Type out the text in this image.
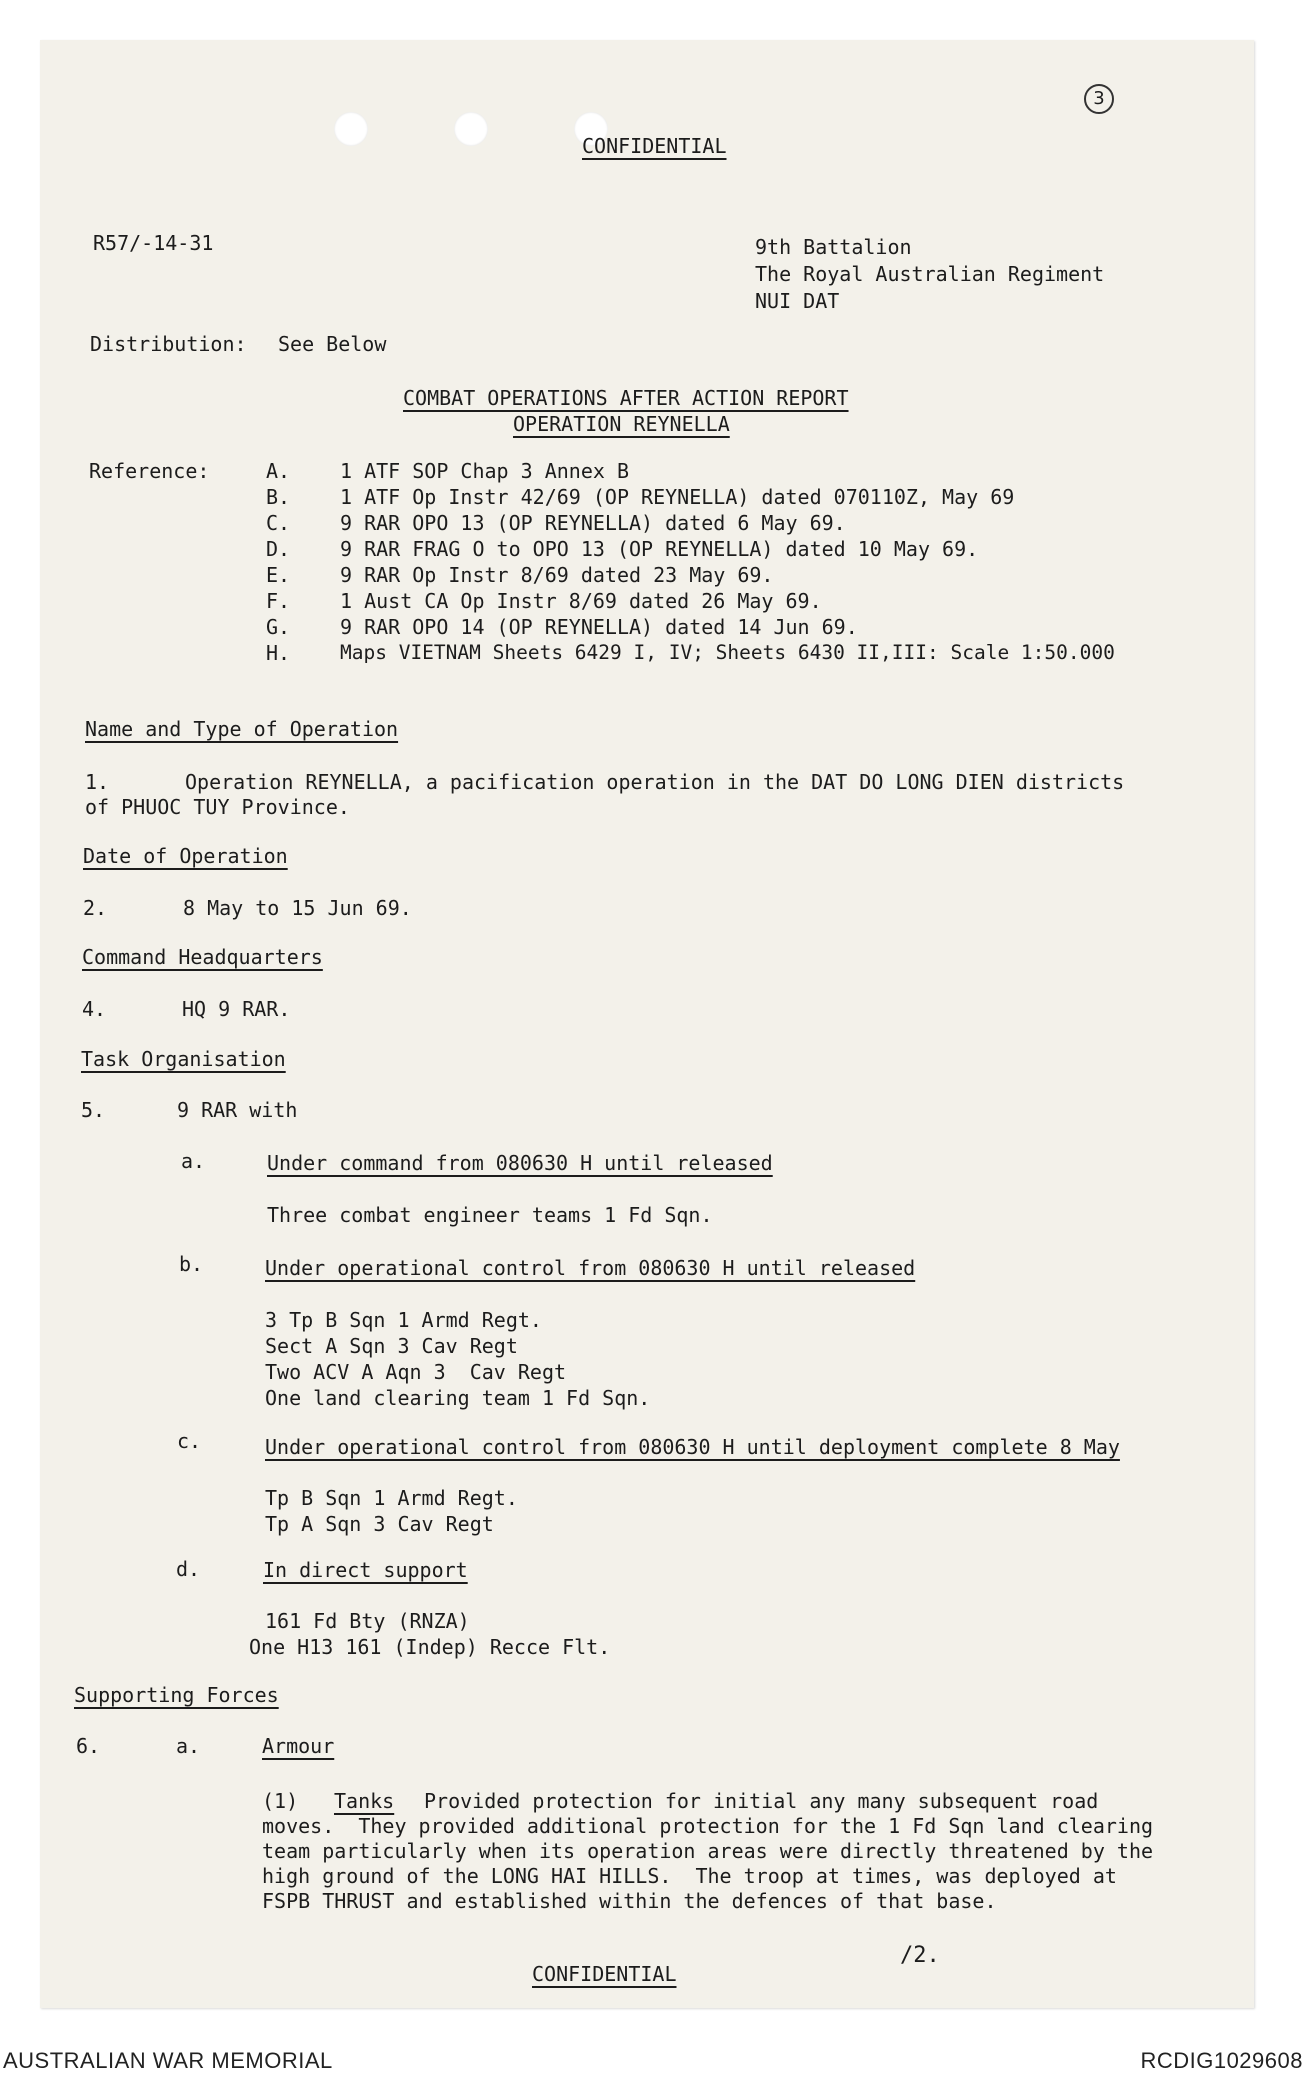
3
CONFIDENTIAL
R57/-14-31	9th Battalion
The Royal Australian Regiment
NUI DAT
Distribution: See Below
COMBAT OPERATIONS AFTER ACTION REPORT
OPERATION REYNELLA
Reference:	A. 1 ATF SOP Chap 3 Annex B
B. 1 ATF Op Instr 42/69 (OP REYNELLA) dated 070110Z, May 69
C. 9 RAR OPO 13 (OP REYNELLA) dated 6 May 69.
D. 9 RAR FRAG O to OPO 13 (OP REYNELLA) dated 10 May 69.
E. 9 RAR Op Instr 8/69 dated 23 May 69.
F. 1 Aust CA Op Instr 8/69 dated 26 May 69.
G. 9 RAR OPO 14 (OP REYNELLA) dated 14 Jun 69.
H.	Maps VIETNAM Sheets 6429 I, IV; Sheets 6430 II,III: Scale 1:50.000
Name and Type of Operation
1.	Operation REYNELLA, a pacification operation in the DAT DO LONG DIEN districts
of PHUOC TUY Province.
Date of Operation
2.	8 May to 15 Jun 69.
Command Headquarters
4.	HQ 9 RAR.
Task Organisation
5.	9 RAR with
a.	Under command from 080630 H until released
Three combat engineer teams 1 Fd Sqn.
b.	Under operational control from 080630 H until released
3 Tp B Sqn 1 Armd Regt.
Sect A Sqn 3 Cav Regt
Two ACV A Aqn 3  Cav Regt
One land clearing team 1 Fd Sqn.
c.	Under operational control from 080630 H until deployment complete 8 May
Tp B Sqn 1 Armd Regt.
Tp A Sqn 3 Cav Regt
d.	In direct support
161 Fd Bty (RNZA)
One H13 161 (Indep) Recce Flt.
Supporting Forces
6.	a.	Armour
(1) Tanks Provided protection for initial any many subsequent road
moves.  They provided additional protection for the 1 Fd Sqn land clearing
team particularly when its operation areas were directly threatened by the
high ground of the LONG HAI HILLS.  The troop at times, was deployed at
FSPB THRUST and established within the defences of that base.
/2.
CONFIDENTIAL
AUSTRALIAN WAR MEMORIAL	RCDIG1029608
